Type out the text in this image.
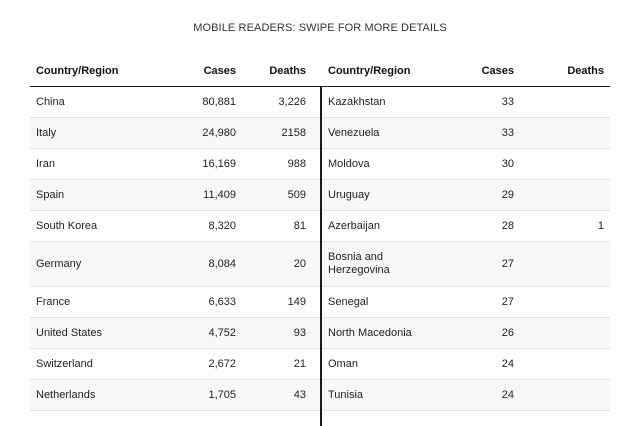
MOBILE READERS: SWIPE FOR MORE DETAILS
Country/Region	Cases	Deaths
China	80,881	3,226
Italy	24,980	2158
Iran	16,169	988
Spain	11,409	509
South Korea	8,320	81
Germany	8,084	20
France	6,633	149
United States	4,752	93
Switzerland	2,672	21
Netherlands	1,705	43
Country/Region	Cases	Deaths
Kazakhstan	33	
Venezuela	33	
Moldova	30	
Uruguay	29	
Azerbaijan	28	1

Bosnia and
Herzegovina	27	
Senegal	27	
North Macedonia	26	
Oman	24	
Tunisia	24	
